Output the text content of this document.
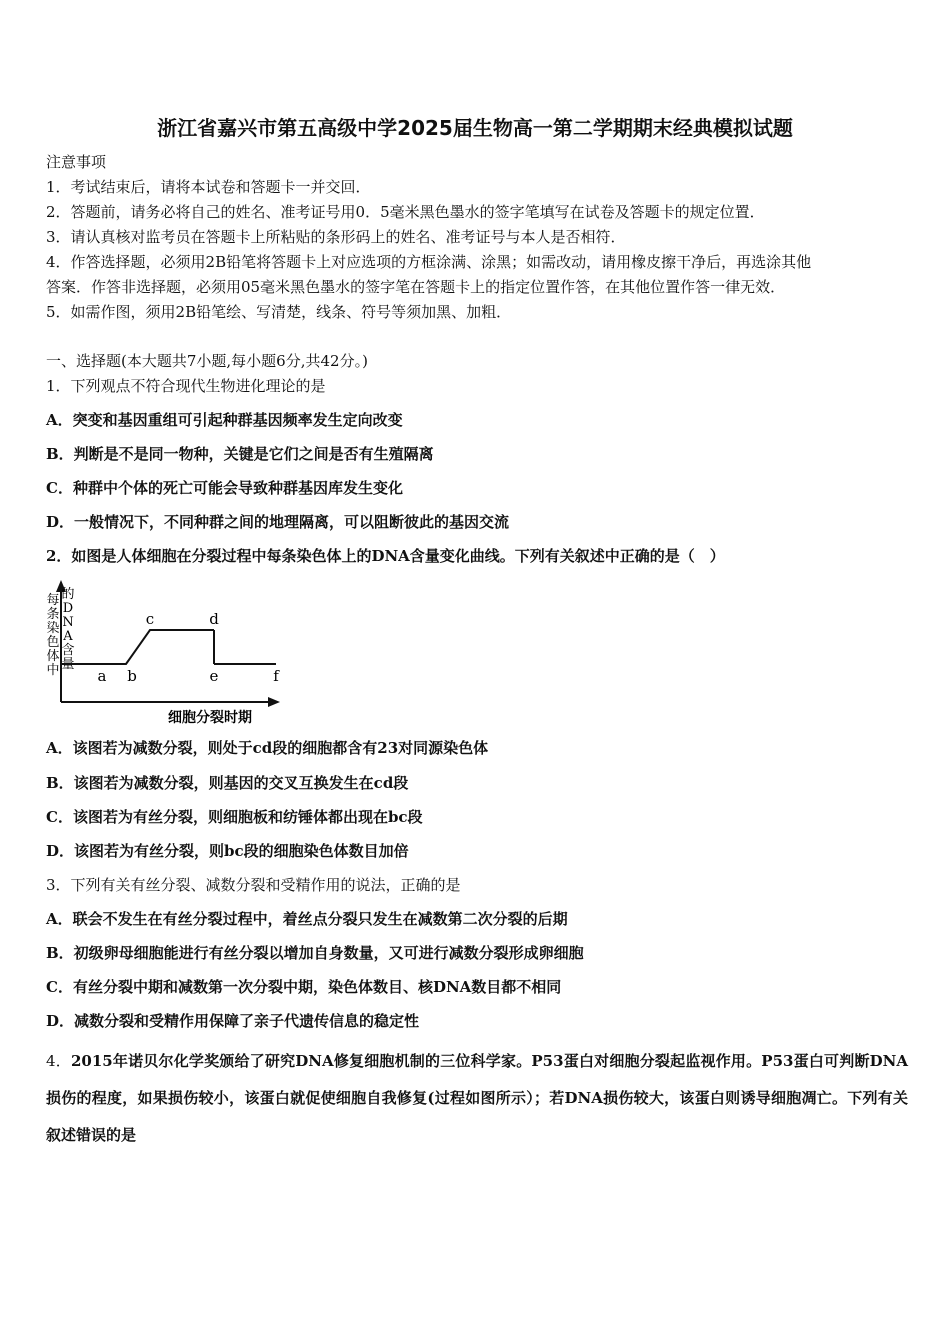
浙江省嘉兴市第五高级中学2025届生物高一第二学期期末经典模拟试题
注意事项
1．考试结束后，请将本试卷和答题卡一并交回．
2．答题前，请务必将自己的姓名、准考证号用0．5毫米黑色墨水的签字笔填写在试卷及答题卡的规定位置．
3．请认真核对监考员在答题卡上所粘贴的条形码上的姓名、准考证号与本人是否相符．
4．作答选择题，必须用2B铅笔将答题卡上对应选项的方框涂满、涂黑；如需改动，请用橡皮擦干净后，再选涂其他
答案．作答非选择题，必须用05毫米黑色墨水的签字笔在答题卡上的指定位置作答，在其他位置作答一律无效．
5．如需作图，须用2B铅笔绘、写清楚，线条、符号等须加黑、加粗．
一、选择题(本大题共7小题,每小题6分,共42分。)
1．下列观点不符合现代生物进化理论的是
A．突变和基因重组可引起种群基因频率发生定向改变
B．判断是不是同一物种，关键是它们之间是否有生殖隔离
C．种群中个体的死亡可能会导致种群基因库发生变化
D．一般情况下，不同种群之间的地理隔离，可以阻断彼此的基因交流
2．如图是人体细胞在分裂过程中每条染色体上的DNA含量变化曲线。下列有关叙述中正确的是（　）
每条染色体中
的 D N A 含量
a b
c	d
e	f
细胞分裂时期
A．该图若为减数分裂，则处于cd段的细胞都含有23对同源染色体
B．该图若为减数分裂，则基因的交叉互换发生在cd段
C．该图若为有丝分裂，则细胞板和纺锤体都出现在bc段
D．该图若为有丝分裂，则bc段的细胞染色体数目加倍
3．下列有关有丝分裂、减数分裂和受精作用的说法，正确的是
A．联会不发生在有丝分裂过程中，着丝点分裂只发生在减数第二次分裂的后期
B．初级卵母细胞能进行有丝分裂以增加自身数量，又可进行减数分裂形成卵细胞
C．有丝分裂中期和减数第一次分裂中期，染色体数目、核DNA数目都不相同
D．减数分裂和受精作用保障了亲子代遗传信息的稳定性
4．2015年诺贝尔化学奖颁给了研究DNA修复细胞机制的三位科学家。P53蛋白对细胞分裂起监视作用。P53蛋白可判断DNA损伤的程度，如果损伤较小，该蛋白就促使细胞自我修复(过程如图所示）；若DNA损伤较大，该蛋白则诱导细胞凋亡。下列有关叙述错误的是
